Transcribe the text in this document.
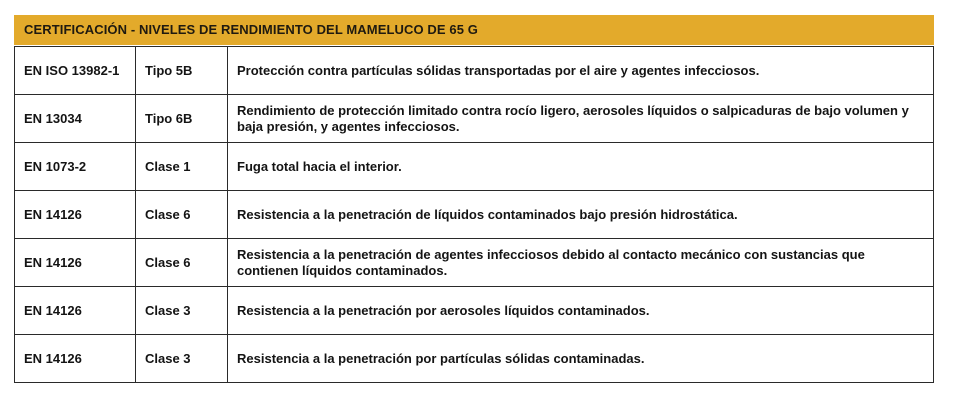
CERTIFICACIÓN - NIVELES DE RENDIMIENTO DEL MAMELUCO DE 65 G
EN ISO 13982-1	Tipo 5B	Protección contra partículas sólidas transportadas por el aire y agentes infecciosos.
EN 13034	Tipo 6B	Rendimiento de protección limitado contra rocío ligero, aerosoles líquidos o salpicaduras de bajo volumen y baja presión, y agentes infecciosos.
EN 1073-2	Clase 1	Fuga total hacia el interior.
EN 14126	Clase 6	Resistencia a la penetración de líquidos contaminados bajo presión hidrostática.
EN 14126	Clase 6	Resistencia a la penetración de agentes infecciosos debido al contacto mecánico con sustancias que contienen líquidos contaminados.
EN 14126	Clase 3	Resistencia a la penetración por aerosoles líquidos contaminados.
EN 14126	Clase 3	Resistencia a la penetración por partículas sólidas contaminadas.
